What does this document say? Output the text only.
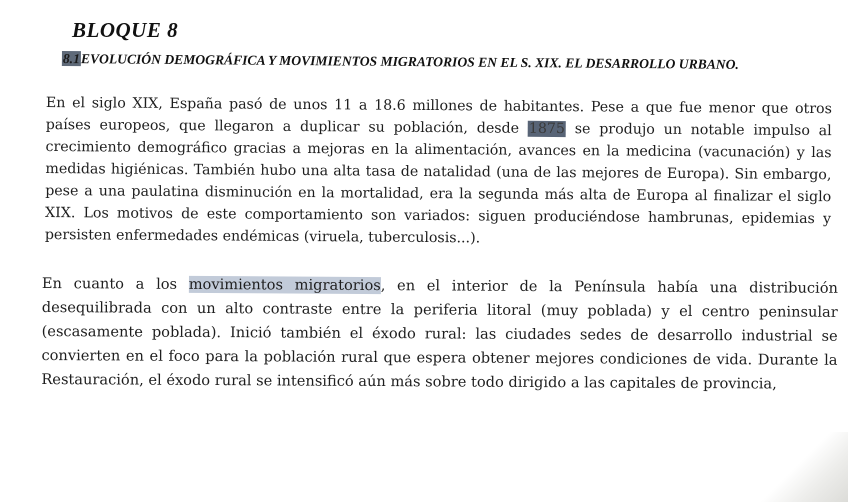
BLOQUE 8
8.1EVOLUCIÓN DEMOGRÁFICA Y MOVIMIENTOS MIGRATORIOS EN EL S. XIX. EL DESARROLLO URBANO.
En el siglo XIX, España pasó de unos 11 a 18.6 millones de habitantes. Pese a que fue menor que otros países europeos, que llegaron a duplicar su población, desde 1875 se produjo un notable impulso al crecimiento demográfico gracias a mejoras en la alimentación, avances en la medicina (vacunación) y las medidas higiénicas. También hubo una alta tasa de natalidad (una de las mejores de Europa). Sin embargo, pese a una paulatina disminución en la mortalidad, era la segunda más alta de Europa al finalizar el siglo XIX. Los motivos de este comportamiento son variados: siguen produciéndose hambrunas, epidemias y persisten enfermedades endémicas (viruela, tuberculosis...).
En cuanto a los movimientos migratorios, en el interior de la Península había una distribución desequilibrada con un alto contraste entre la periferia litoral (muy poblada) y el centro peninsular (escasamente poblada). Inició también el éxodo rural: las ciudades sedes de desarrollo industrial se convierten en el foco para la población rural que espera obtener mejores condiciones de vida. Durante la Restauración, el éxodo rural se intensificó aún más sobre todo dirigido a las capitales de provincia,
